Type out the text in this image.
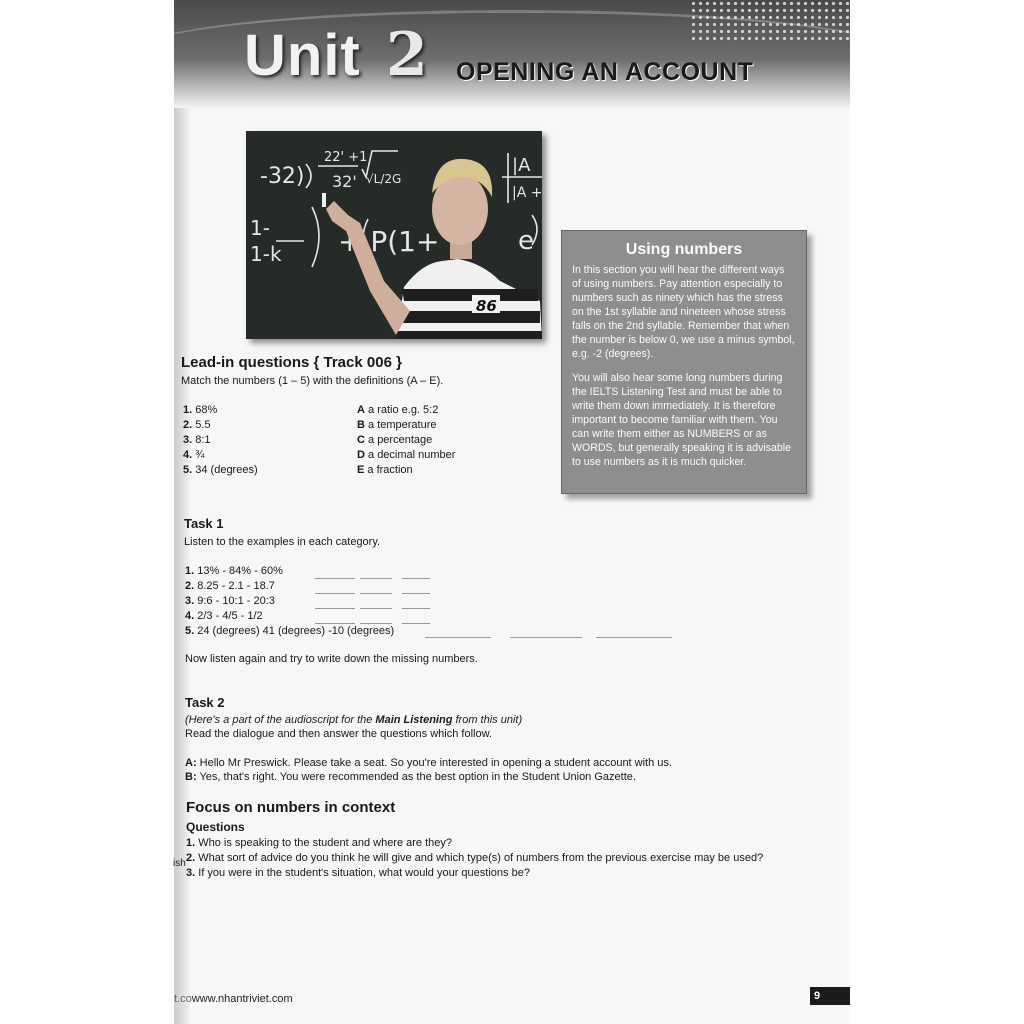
Unit 2 OPENING AN ACCOUNT
-32)
22' +1
32' √L/2G
|A
|A +
1-
1-k + P(1+	e
86
Using numbers

In this section you will hear the different ways of using numbers. Pay attention especially to numbers such as ninety which has the stress on the 1st syllable and nineteen whose stress falls on the 2nd syllable. Remember that when the number is below 0, we use a minus symbol, e.g. -2 (degrees).

You will also hear some long numbers during the IELTS Listening Test and must be able to write them down immediately. It is therefore important to become familiar with them. You can write them either as NUMBERS or as WORDS, but generally speaking it is advisable to use numbers as it is much quicker.

Lead-in questions { Track 006 }
Match the numbers (1 – 5) with the definitions (A – E).
1. 68%
2. 5.5
3. 8:1
4. ¾
5. 34 (degrees)
A a ratio e.g. 5:2
B a temperature
C a percentage
D a decimal number
E a fraction
Task 1
Listen to the examples in each category.
1. 13% - 84% - 60%
2. 8.25 - 2.1 - 18.7
3. 9:6 - 10:1 - 20:3
4. 2/3 - 4/5 - 1/2
5. 24 (degrees) 41 (degrees) -10 (degrees)
Now listen again and try to write down the missing numbers.
Task 2
(Here's a part of the audioscript for the Main Listening from this unit)
Read the dialogue and then answer the questions which follow.
A: Hello Mr Preswick. Please take a seat. So you're interested in opening a student account with us.
B: Yes, that's right. You were recommended as the best option in the Student Union Gazette.
Focus on numbers in context
Questions
1. Who is speaking to the student and where are they?
2. What sort of advice do you think he will give and which type(s) of numbers from the previous exercise may be used?
3. If you were in the student's situation, what would your questions be?
ish
t.cowww.nhantriviet.com	9
